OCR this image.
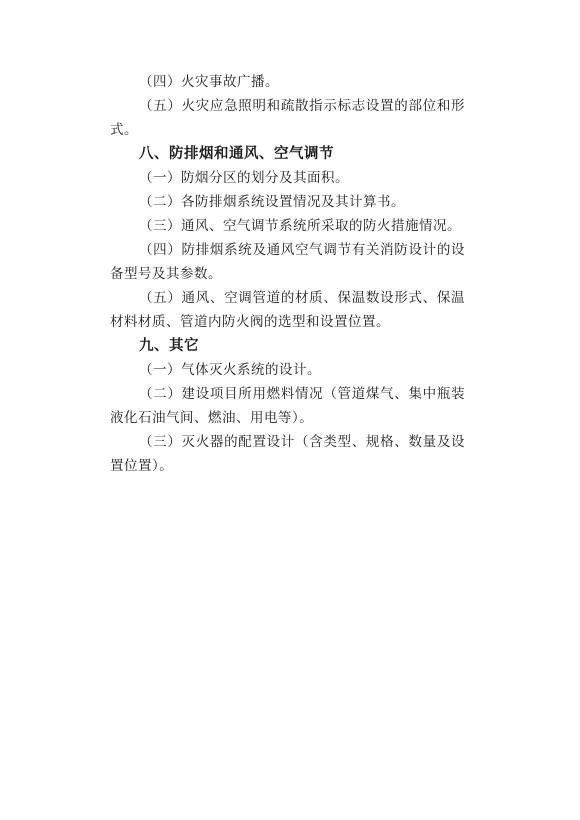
（四）火灾事故广播。

（五）火灾应急照明和疏散指示标志设置的部位和形式。

八、防排烟和通风、空气调节

（一）防烟分区的划分及其面积。

（二）各防排烟系统设置情况及其计算书。

（三）通风、空气调节系统所采取的防火措施情况。

（四）防排烟系统及通风空气调节有关消防设计的设备型号及其参数。

（五）通风、空调管道的材质、保温数设形式、保温材料材质、管道内防火阀的选型和设置位置。

九、其它

（一）气体灭火系统的设计。

（二）建设项目所用燃料情况（管道煤气、集中瓶装液化石油气间、燃油、用电等）。

（三）灭火器的配置设计（含类型、规格、数量及设置位置）。
